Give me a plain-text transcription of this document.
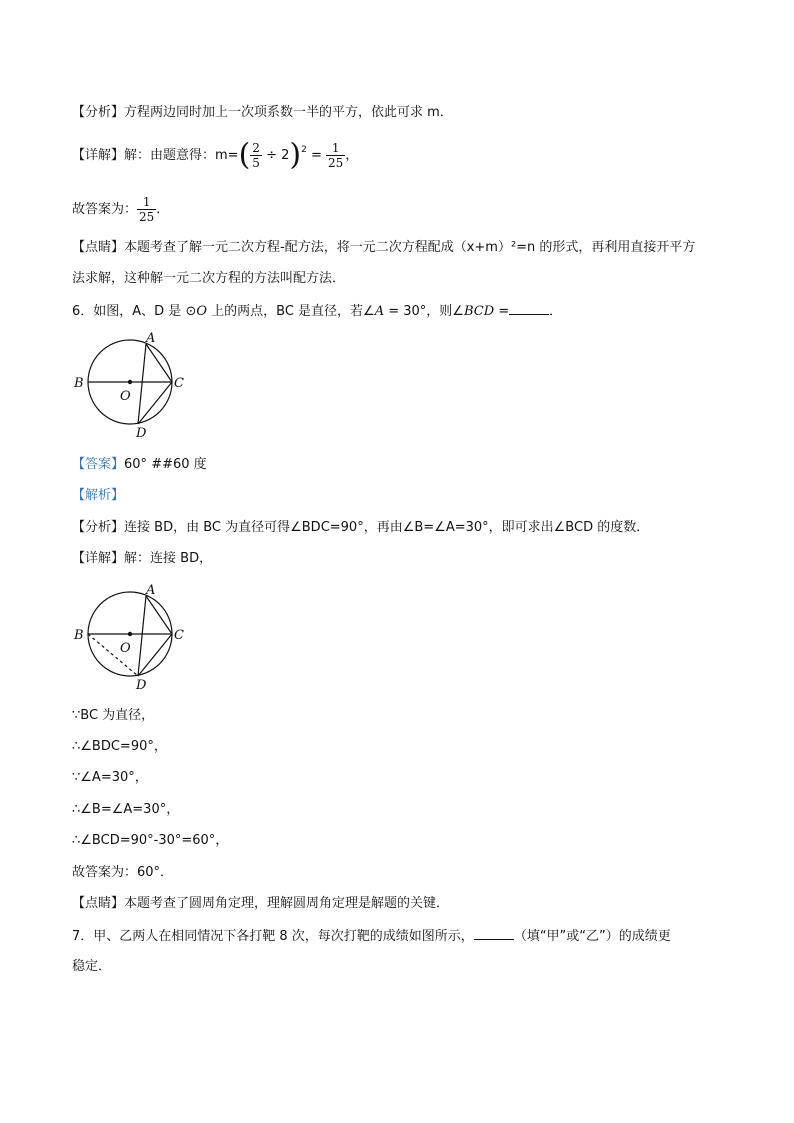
【分析】方程两边同时加上一次项系数一半的平方，依此可求 m．
【详解】解：由题意得：$m=( \frac{2}{5} \div 2)^2 = \frac{1}{25}$ ，
故答案为： $\frac{1}{25}$ ．
【点睛】本题考查了解一元二次方程-配方法，将一元二次方程配成（x+m）²=n 的形式，再利用直接开平方
法求解，这种解一元二次方程的方法叫配方法．
6．如图，A、D 是 ⊙O 上的两点，BC 是直径，若∠A = 30°，则∠BCD =	．
A
B	C
D
O
【答案】60° ##60 度
【解析】
【分析】连接 BD，由 BC 为直径可得∠BDC=90°，再由∠B=∠A=30°，即可求出∠BCD 的度数．
【详解】解：连接 BD，
A
B	C
D
O
∵BC 为直径，
∴∠BDC=90°，
∵∠A=30°，
∴∠B=∠A=30°，
∴∠BCD=90°-30°=60°，
故答案为：60°．
【点睛】本题考查了圆周角定理，理解圆周角定理是解题的关键．
7．甲、乙两人在相同情况下各打靶 8 次，每次打靶的成绩如图所示，	（填“甲”或“乙”）的成绩更
稳定．
